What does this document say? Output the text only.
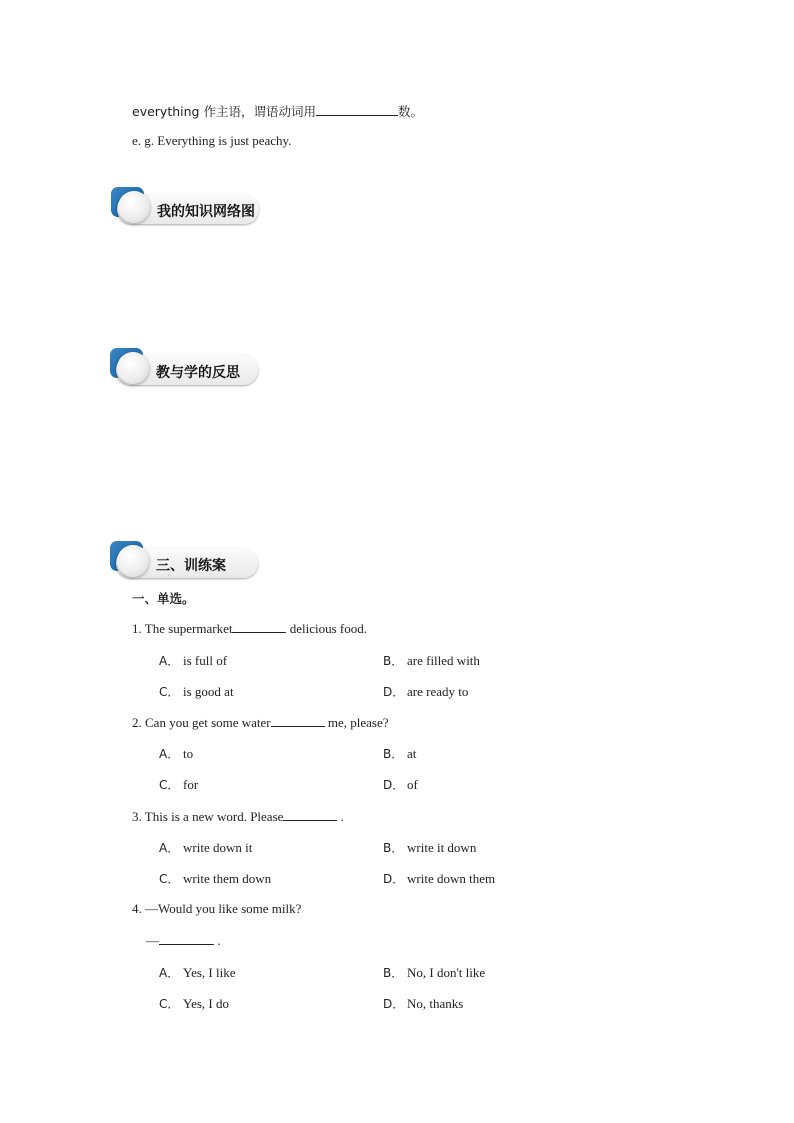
everything 作主语，谓语动词用	数。
e. g. Everything is just peachy.
我的知识网络图
教与学的反思
三、训练案
一、单选。
1. The supermarket	delicious food.
A． is full of	B． are filled with
C． is good at	D． are ready to
2. Can you get some water	me, please?
A． to	B． at
C． for	D． of
3. This is a new word. Please	.
A． write down it	B． write it down
C． write them down	D． write down them
4. —Would you like some milk?
—	.
A． Yes, I like	B． No, I don't like
C． Yes, I do	D． No, thanks
